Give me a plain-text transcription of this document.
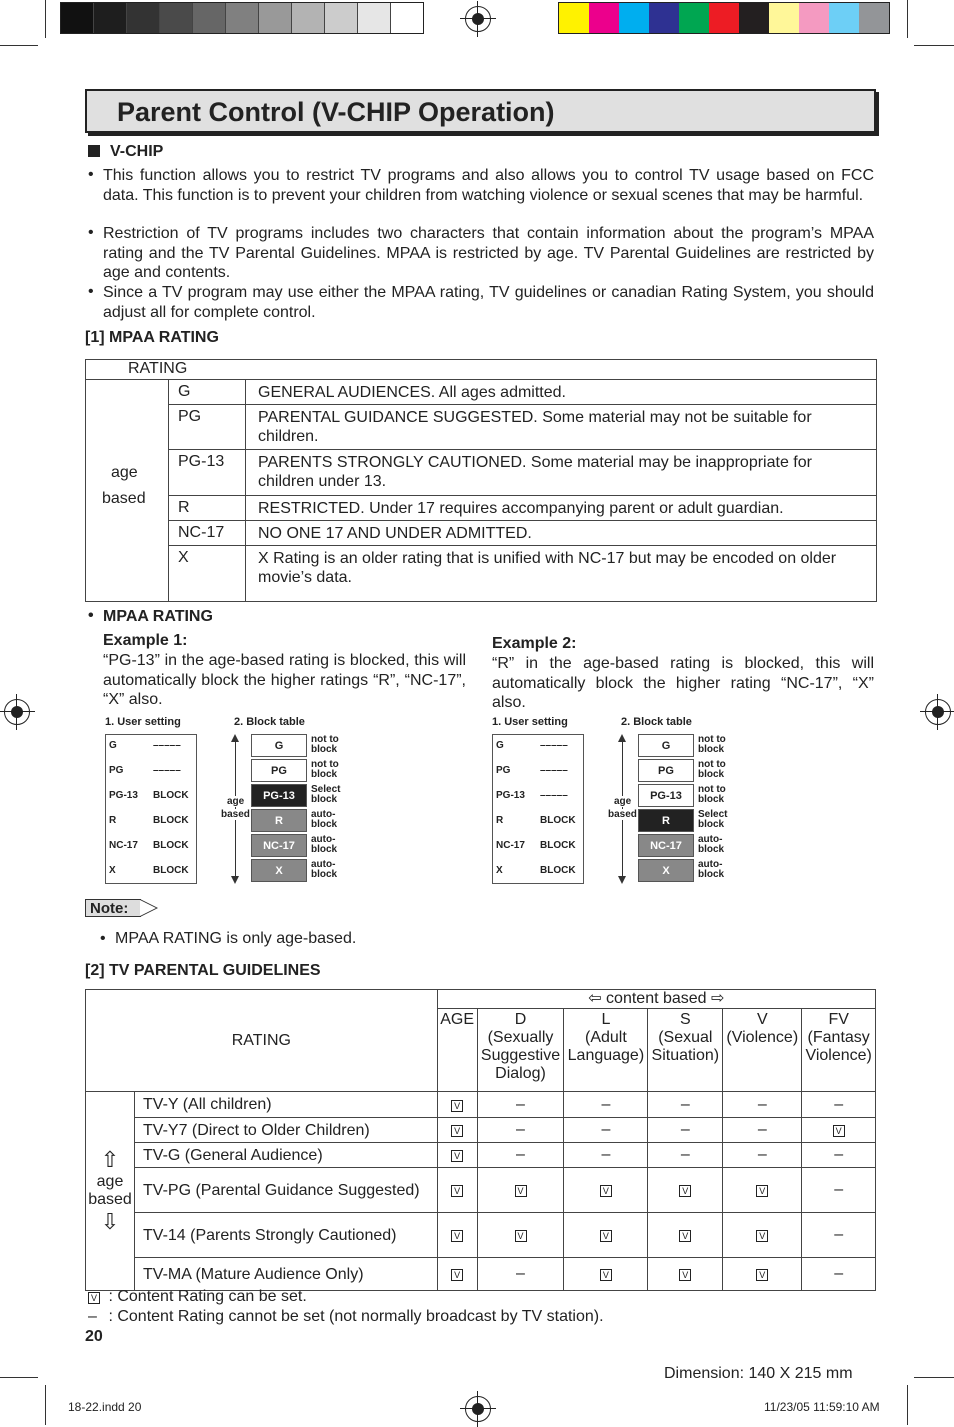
Parent Control (V-CHIP Operation)
V-CHIP
• This function allows you to restrict TV programs and also allows you to control TV usage based on FCC data. This function is to prevent your children from watching violence or sexual scenes that may be harmful.
• Restriction of TV programs includes two characters that contain information about the program’s MPAA rating and the TV Parental Guidelines. MPAA is restricted by age. TV Parental Guidelines are restricted by age and contents.
• Since a TV program may use either the MPAA rating, TV guidelines or canadian Rating System, you should adjust all for complete control.
[1] MPAA RATING
RATING
age
based
G	GENERAL AUDIENCES. All ages admitted.
PG	PARENTAL GUIDANCE SUGGESTED. Some material may not be suitable for children.
PG-13 PARENTS STRONGLY CAUTIONED. Some material may be inappropriate for children under 13.
R	RESTRICTED. Under 17 requires accompanying parent or adult guardian.
NC-17 NO ONE 17 AND UNDER ADMITTED.
X	X Rating is an older rating that is unified with NC-17 but may be encoded on older movie’s data.
• MPAA RATING
Example 1:
“PG-13” in the age-based rating is blocked, this will automatically block the higher ratings “R”, “NC-17”, “X” also.
1. User setting	2. Block table
G	–––––
PG	–––––
PG-13 BLOCK
R	BLOCK
NC-17 BLOCK
X	BLOCK
age
based
G	not to
block
PG	not to
block
PG-13	Select
block
R	auto-
block
NC-17	auto-
block
X	auto-
block
Example 2:
“R” in the age-based rating is blocked, this will automatically block the higher rating “NC-17”, “X” also.
1. User setting	2. Block table
G	–––––
PG	–––––
PG-13 –––––
R	BLOCK
NC-17 BLOCK
X	BLOCK
age
based
G	not to
block
PG	not to
block
PG-13	not to
block
R	Select
block
NC-17	auto-
block
X	auto-
block
Note:
• MPAA RATING is only age-based.
[2] TV PARENTAL GUIDELINES
RATING		⇦ content based ⇨					
		AGE	D
(Sexually
Suggestive
Dialog)	L
(Adult
Language)	S
(Sexual
Situation)	V
(Violence)	FV
(Fantasy
Violence)

⇧
age
based
⇩	TV-Y (All children)	V	–	–	–	–	–
	TV-Y7 (Direct to Older Children)	V	–	–	–	–	V
	TV-G (General Audience)	V	–	–	–	–	–
	TV-PG (Parental Guidance Suggested)	V	V	V	V	V	–
	TV-14 (Parents Strongly Cautioned)	V	V	V	V	V	–
	TV-MA (Mature Audience Only)	V	–	V	V	V	–
V : Content Rating can be set.
– : Content Rating cannot be set (not normally broadcast by TV station).
20
Dimension: 140 X 215 mm
18-22.indd 20	11/23/05 11:59:10 AM
